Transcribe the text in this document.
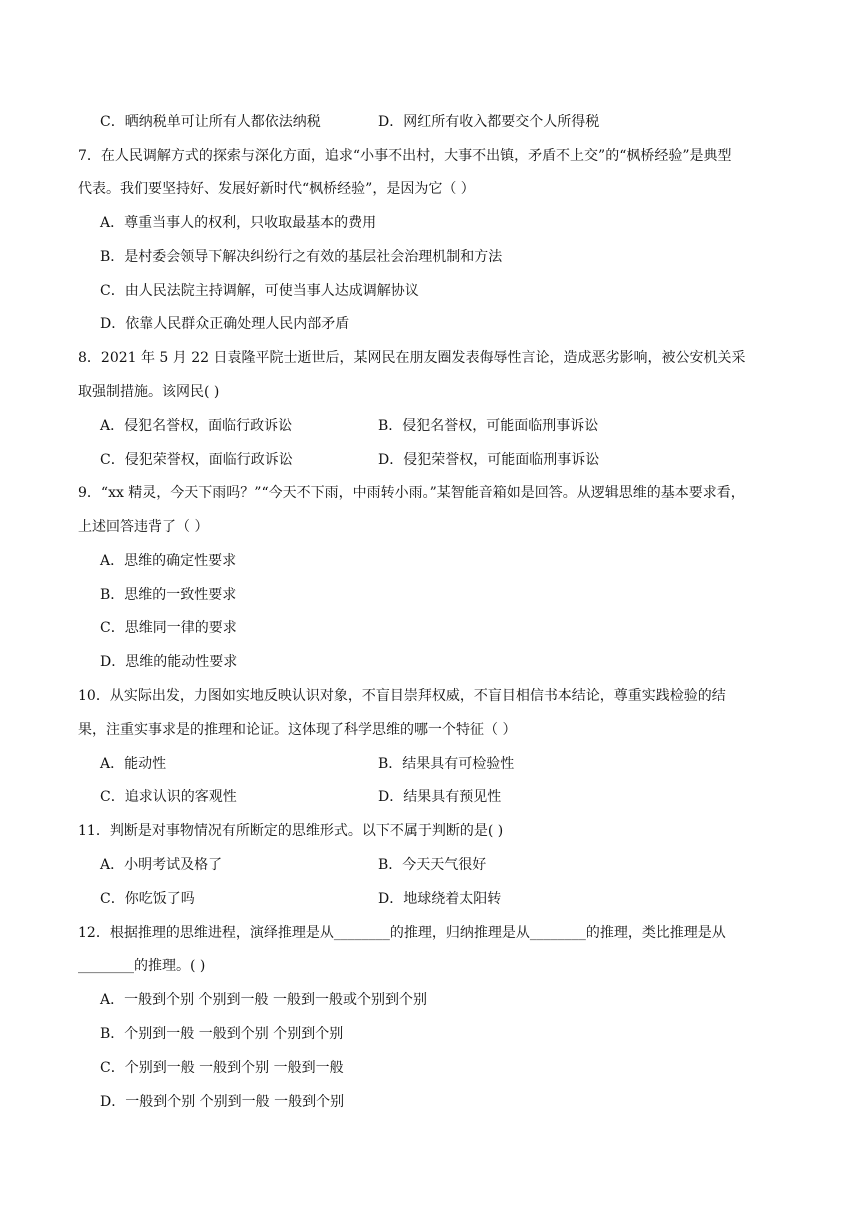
C．晒纳税单可让所有人都依法纳税	D．网红所有收入都要交个人所得税
7．在人民调解方式的探索与深化方面，追求“小事不出村，大事不出镇，矛盾不上交”的“枫桥经验”是典型
代表。我们要坚持好、发展好新时代“枫桥经验”，是因为它（ ）
A．尊重当事人的权利，只收取最基本的费用
B．是村委会领导下解决纠纷行之有效的基层社会治理机制和方法
C．由人民法院主持调解，可使当事人达成调解协议
D．依靠人民群众正确处理人民内部矛盾
8．2021 年 5 月 22 日袁隆平院士逝世后，某网民在朋友圈发表侮辱性言论，造成恶劣影响，被公安机关采
取强制措施。该网民( )
A．侵犯名誉权，面临行政诉讼	B．侵犯名誉权，可能面临刑事诉讼
C．侵犯荣誉权，面临行政诉讼	D．侵犯荣誉权，可能面临刑事诉讼
9．“xx 精灵，今天下雨吗？”“今天不下雨，中雨转小雨。”某智能音箱如是回答。从逻辑思维的基本要求看，
上述回答违背了（ ）
A．思维的确定性要求
B．思维的一致性要求
C．思维同一律的要求
D．思维的能动性要求
10．从实际出发，力图如实地反映认识对象，不盲目崇拜权威，不盲目相信书本结论，尊重实践检验的结
果，注重实事求是的推理和论证。这体现了科学思维的哪一个特征（ ）
A．能动性	B．结果具有可检验性
C．追求认识的客观性	D．结果具有预见性
11．判断是对事物情况有所断定的思维形式。以下不属于判断的是( )
A．小明考试及格了	B．今天天气很好
C．你吃饭了吗	D．地球绕着太阳转
12．根据推理的思维进程，演绎推理是从________的推理，归纳推理是从________的推理，类比推理是从
________的推理。( )
A．一般到个别 个别到一般 一般到一般或个别到个别
B．个别到一般 一般到个别 个别到个别
C．个别到一般 一般到个别 一般到一般
D．一般到个别 个别到一般 一般到个别
